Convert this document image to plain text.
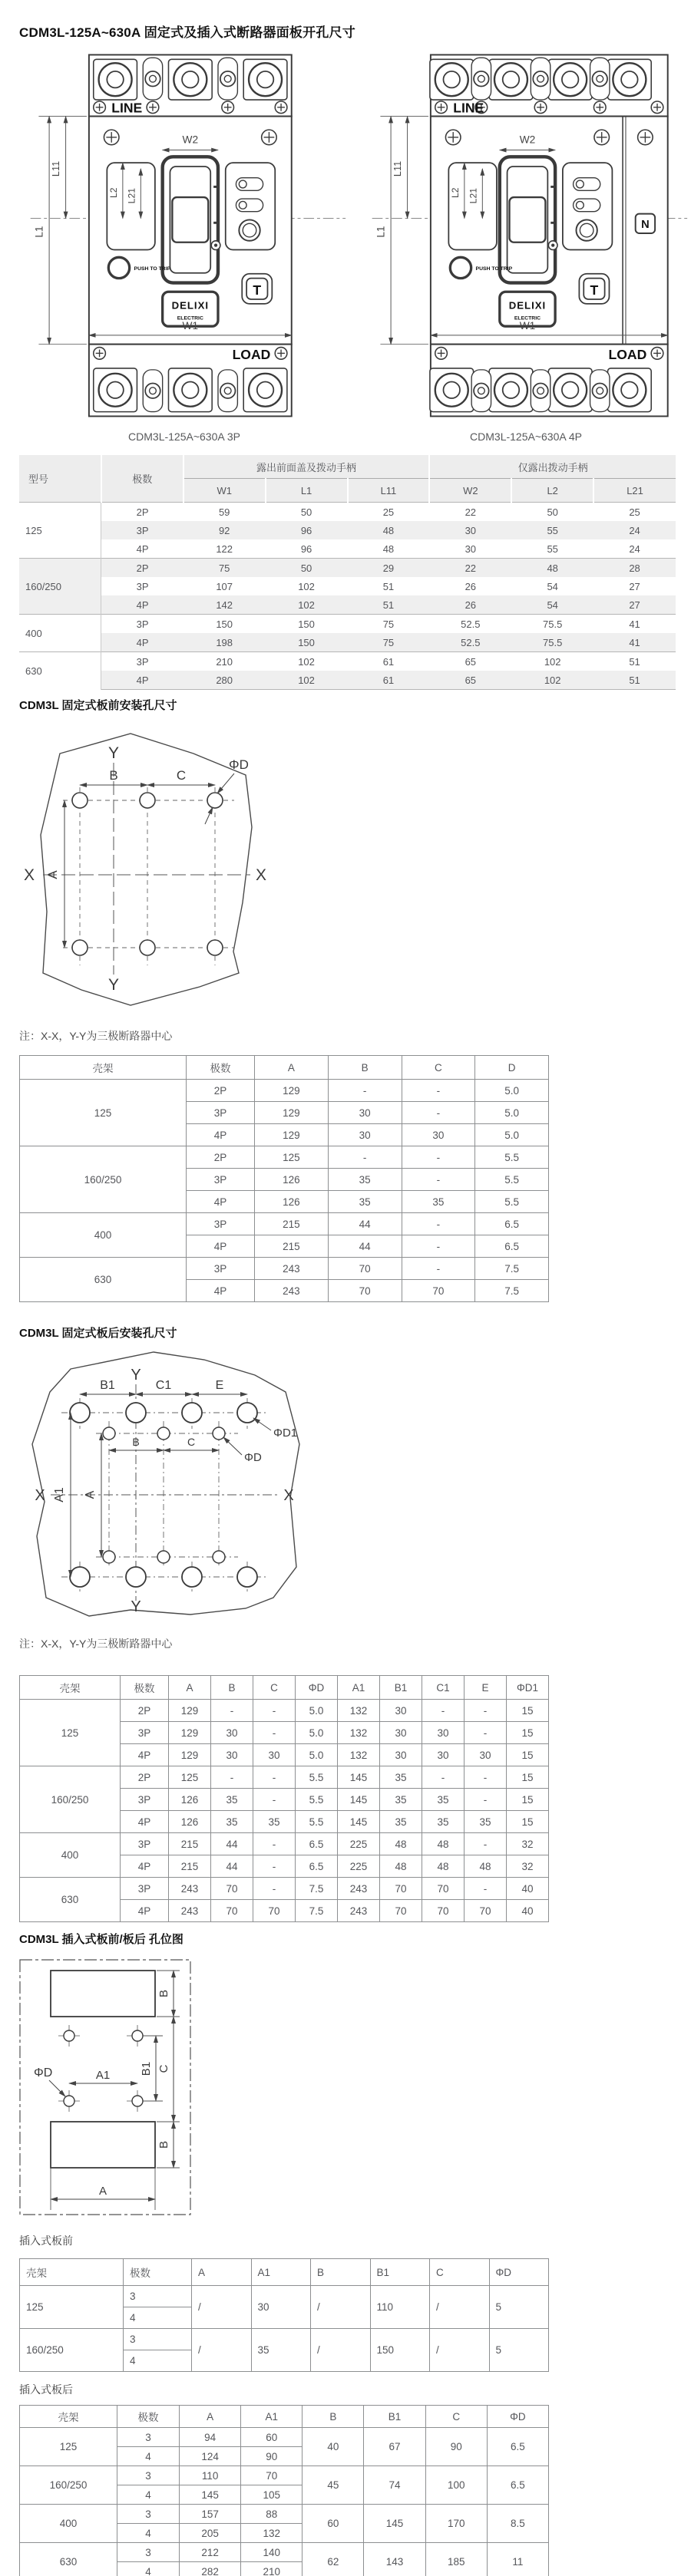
CDM3L-125A~630A 固定式及插入式断路器面板开孔尺寸
LINE
PUSH TO TRIP
DELIXI
ELECTRIC
T
W2
W1
LOAD
L1
L11
L2 L21
CDM3L-125A~630A 3P
LINE
N
PUSH TO TRIP
DELIXI
ELECTRIC
T
W2
W1
LOAD
L1
L11
L2 L21
CDM3L-125A~630A 4P
型号	极数	露出前面盖及拨动手柄			仅露出拨动手柄		
		W1	L1	L11	W2	L2	L21
125	2P	59	50	25	22	50	25
	3P	92	96	48	30	55	24
	4P	122	96	48	30	55	24
160/250	2P	75	50	29	22	48	28
	3P	107	102	51	26	54	27
	4P	142	102	51	26	54	27
400	3P	150	150	75	52.5	75.5	41
	4P	198	150	75	52.5	75.5	41
630	3P	210	102	61	65	102	51
	4P	280	102	61	65	102	51
CDM3L 固定式板前安装孔尺寸
Y
Y
X	X
B	C
A
ΦD
注：X-X，Y-Y为三极断路器中心
壳架	极数	A	B	C	D
125	2P	129	-	-	5.0
	3P	129	30	-	5.0
	4P	129	30	30	5.0
160/250	2P	125	-	-	5.5
	3P	126	35	-	5.5
	4P	126	35	35	5.5
400	3P	215	44	-	6.5
	4P	215	44	-	6.5
630	3P	243	70	-	7.5
	4P	243	70	70	7.5
CDM3L 固定式板后安装孔尺寸
Y
Y
X	X
B1	C1	E
B	C
A1 A
ΦD1
ΦD
注：X-X，Y-Y为三极断路器中心
壳架	极数	A	B	C	ΦD	A1	B1	C1	E	ΦD1
125	2P	129	-	-	5.0	132	30	-	-	15
	3P	129	30	-	5.0	132	30	30	-	15
	4P	129	30	30	5.0	132	30	30	30	15
160/250	2P	125	-	-	5.5	145	35	-	-	15
	3P	126	35	-	5.5	145	35	35	-	15
	4P	126	35	35	5.5	145	35	35	35	15
400	3P	215	44	-	6.5	225	48	48	-	32
	4P	215	44	-	6.5	225	48	48	48	32
630	3P	243	70	-	7.5	243	70	70	-	40
	4P	243	70	70	7.5	243	70	70	70	40
CDM3L 插入式板前/板后 孔位图
B
B
C
B1
A1
A
ΦD
插入式板前
壳架	极数	A	A1	B	B1	C	ΦD
125	3	/	30	/	110	/	5
	4						
160/250	3	/	35	/	150	/	5
	4						
插入式板后
壳架	极数	A	A1	B	B1	C	ΦD
125	3	94	60	40	67	90	6.5
	4	124	90				
160/250	3	110	70	45	74	100	6.5
	4	145	105				
400	3	157	88	60	145	170	8.5
	4	205	132				
630	3	212	140	62	143	185	11
	4	282	210				
